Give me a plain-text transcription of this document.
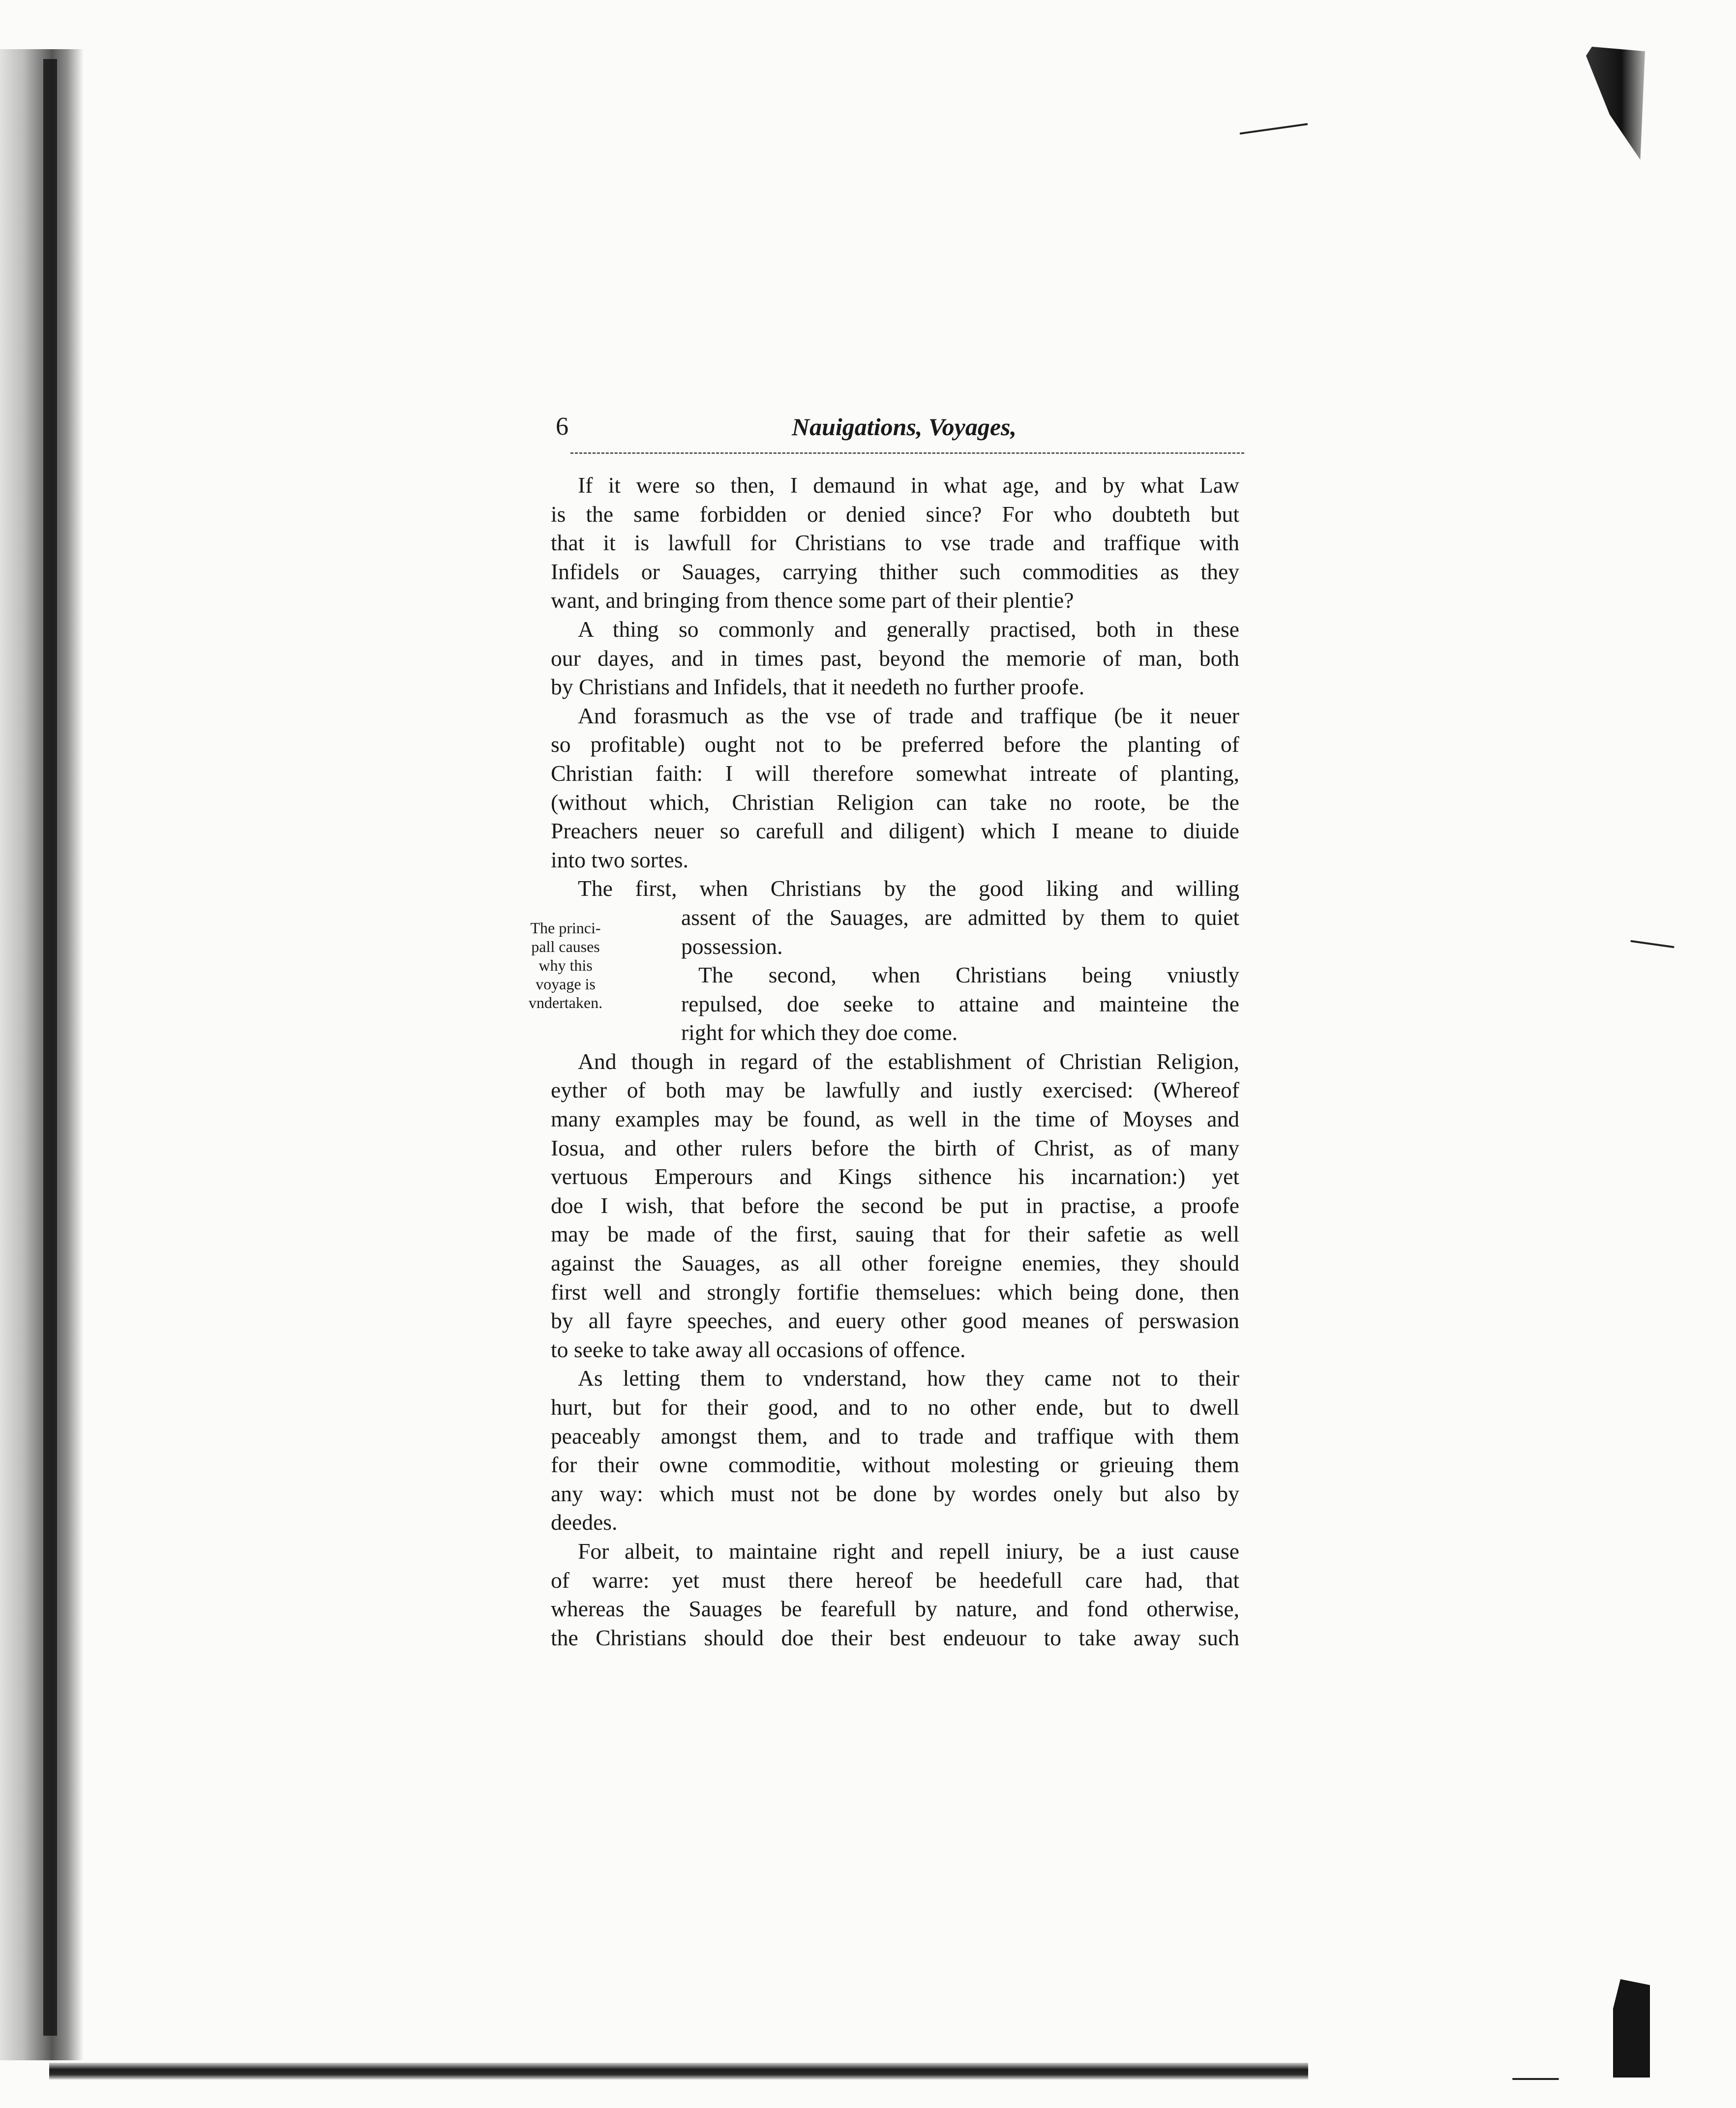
6	Nauigations, Voyages,
The princi-
pall causes
why this
voyage is
vndertaken.
If it were so then, I demaund in what age, and by what Law
is the same forbidden or denied since? For who doubteth but
that it is lawfull for Christians to vse trade and traffique with
Infidels or Sauages, carrying thither such commodities as they
want, and bringing from thence some part of their plentie?
A thing so commonly and generally practised, both in these
our dayes, and in times past, beyond the memorie of man, both
by Christians and Infidels, that it needeth no further proofe.
And forasmuch as the vse of trade and traffique (be it neuer
so profitable) ought not to be preferred before the planting of
Christian faith: I will therefore somewhat intreate of planting,
(without which, Christian Religion can take no roote, be the
Preachers neuer so carefull and diligent) which I meane to diuide
into two sortes.
The first, when Christians by the good liking and willing
assent of the Sauages, are admitted by them to quiet
possession.
The second, when Christians being vniustly
repulsed, doe seeke to attaine and mainteine the
right for which they doe come.
And though in regard of the establishment of Christian Religion,
eyther of both may be lawfully and iustly exercised: (Whereof
many examples may be found, as well in the time of Moyses and
Iosua, and other rulers before the birth of Christ, as of many
vertuous Emperours and Kings sithence his incarnation:) yet
doe I wish, that before the second be put in practise, a proofe
may be made of the first, sauing that for their safetie as well
against the Sauages, as all other foreigne enemies, they should
first well and strongly fortifie themselues: which being done, then
by all fayre speeches, and euery other good meanes of perswasion
to seeke to take away all occasions of offence.
As letting them to vnderstand, how they came not to their
hurt, but for their good, and to no other ende, but to dwell
peaceably amongst them, and to trade and traffique with them
for their owne commoditie, without molesting or grieuing them
any way: which must not be done by wordes onely but also by
deedes.
For albeit, to maintaine right and repell iniury, be a iust cause
of warre: yet must there hereof be heedefull care had, that
whereas the Sauages be fearefull by nature, and fond otherwise,
the Christians should doe their best endeuour to take away such
